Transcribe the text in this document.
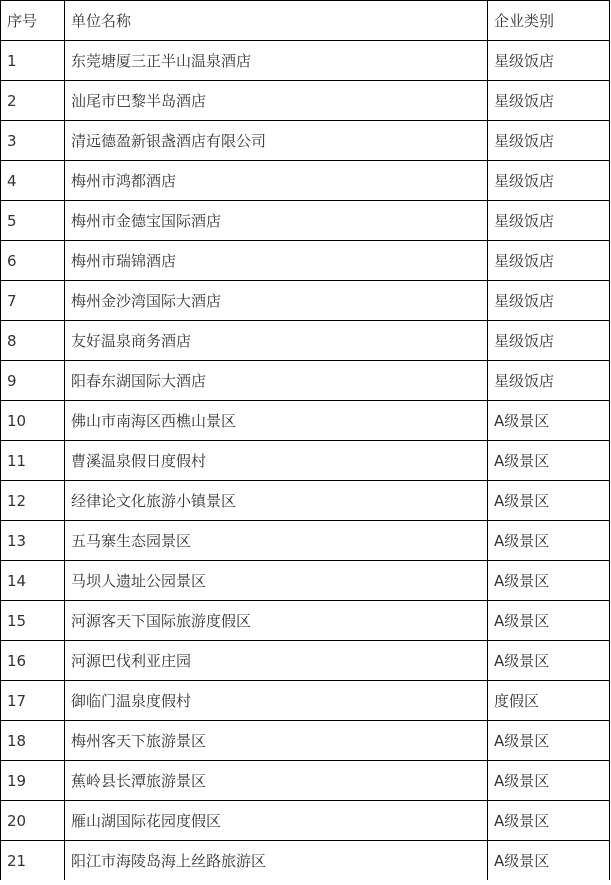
序号	单位名称	企业类别
1	东莞塘厦三正半山温泉酒店	星级饭店
2	汕尾市巴黎半岛酒店	星级饭店
3	清远德盈新银盏酒店有限公司	星级饭店
4	梅州市鸿都酒店	星级饭店
5	梅州市金德宝国际酒店	星级饭店
6	梅州市瑞锦酒店	星级饭店
7	梅州金沙湾国际大酒店	星级饭店
8	友好温泉商务酒店	星级饭店
9	阳春东湖国际大酒店	星级饭店
10	佛山市南海区西樵山景区	A级景区
11	曹溪温泉假日度假村	A级景区
12	经律论文化旅游小镇景区	A级景区
13	五马寨生态园景区	A级景区
14	马坝人遗址公园景区	A级景区
15	河源客天下国际旅游度假区	A级景区
16	河源巴伐利亚庄园	A级景区
17	御临门温泉度假村	度假区
18	梅州客天下旅游景区	A级景区
19	蕉岭县长潭旅游景区	A级景区
20	雁山湖国际花园度假区	A级景区
21	阳江市海陵岛海上丝路旅游区	A级景区
